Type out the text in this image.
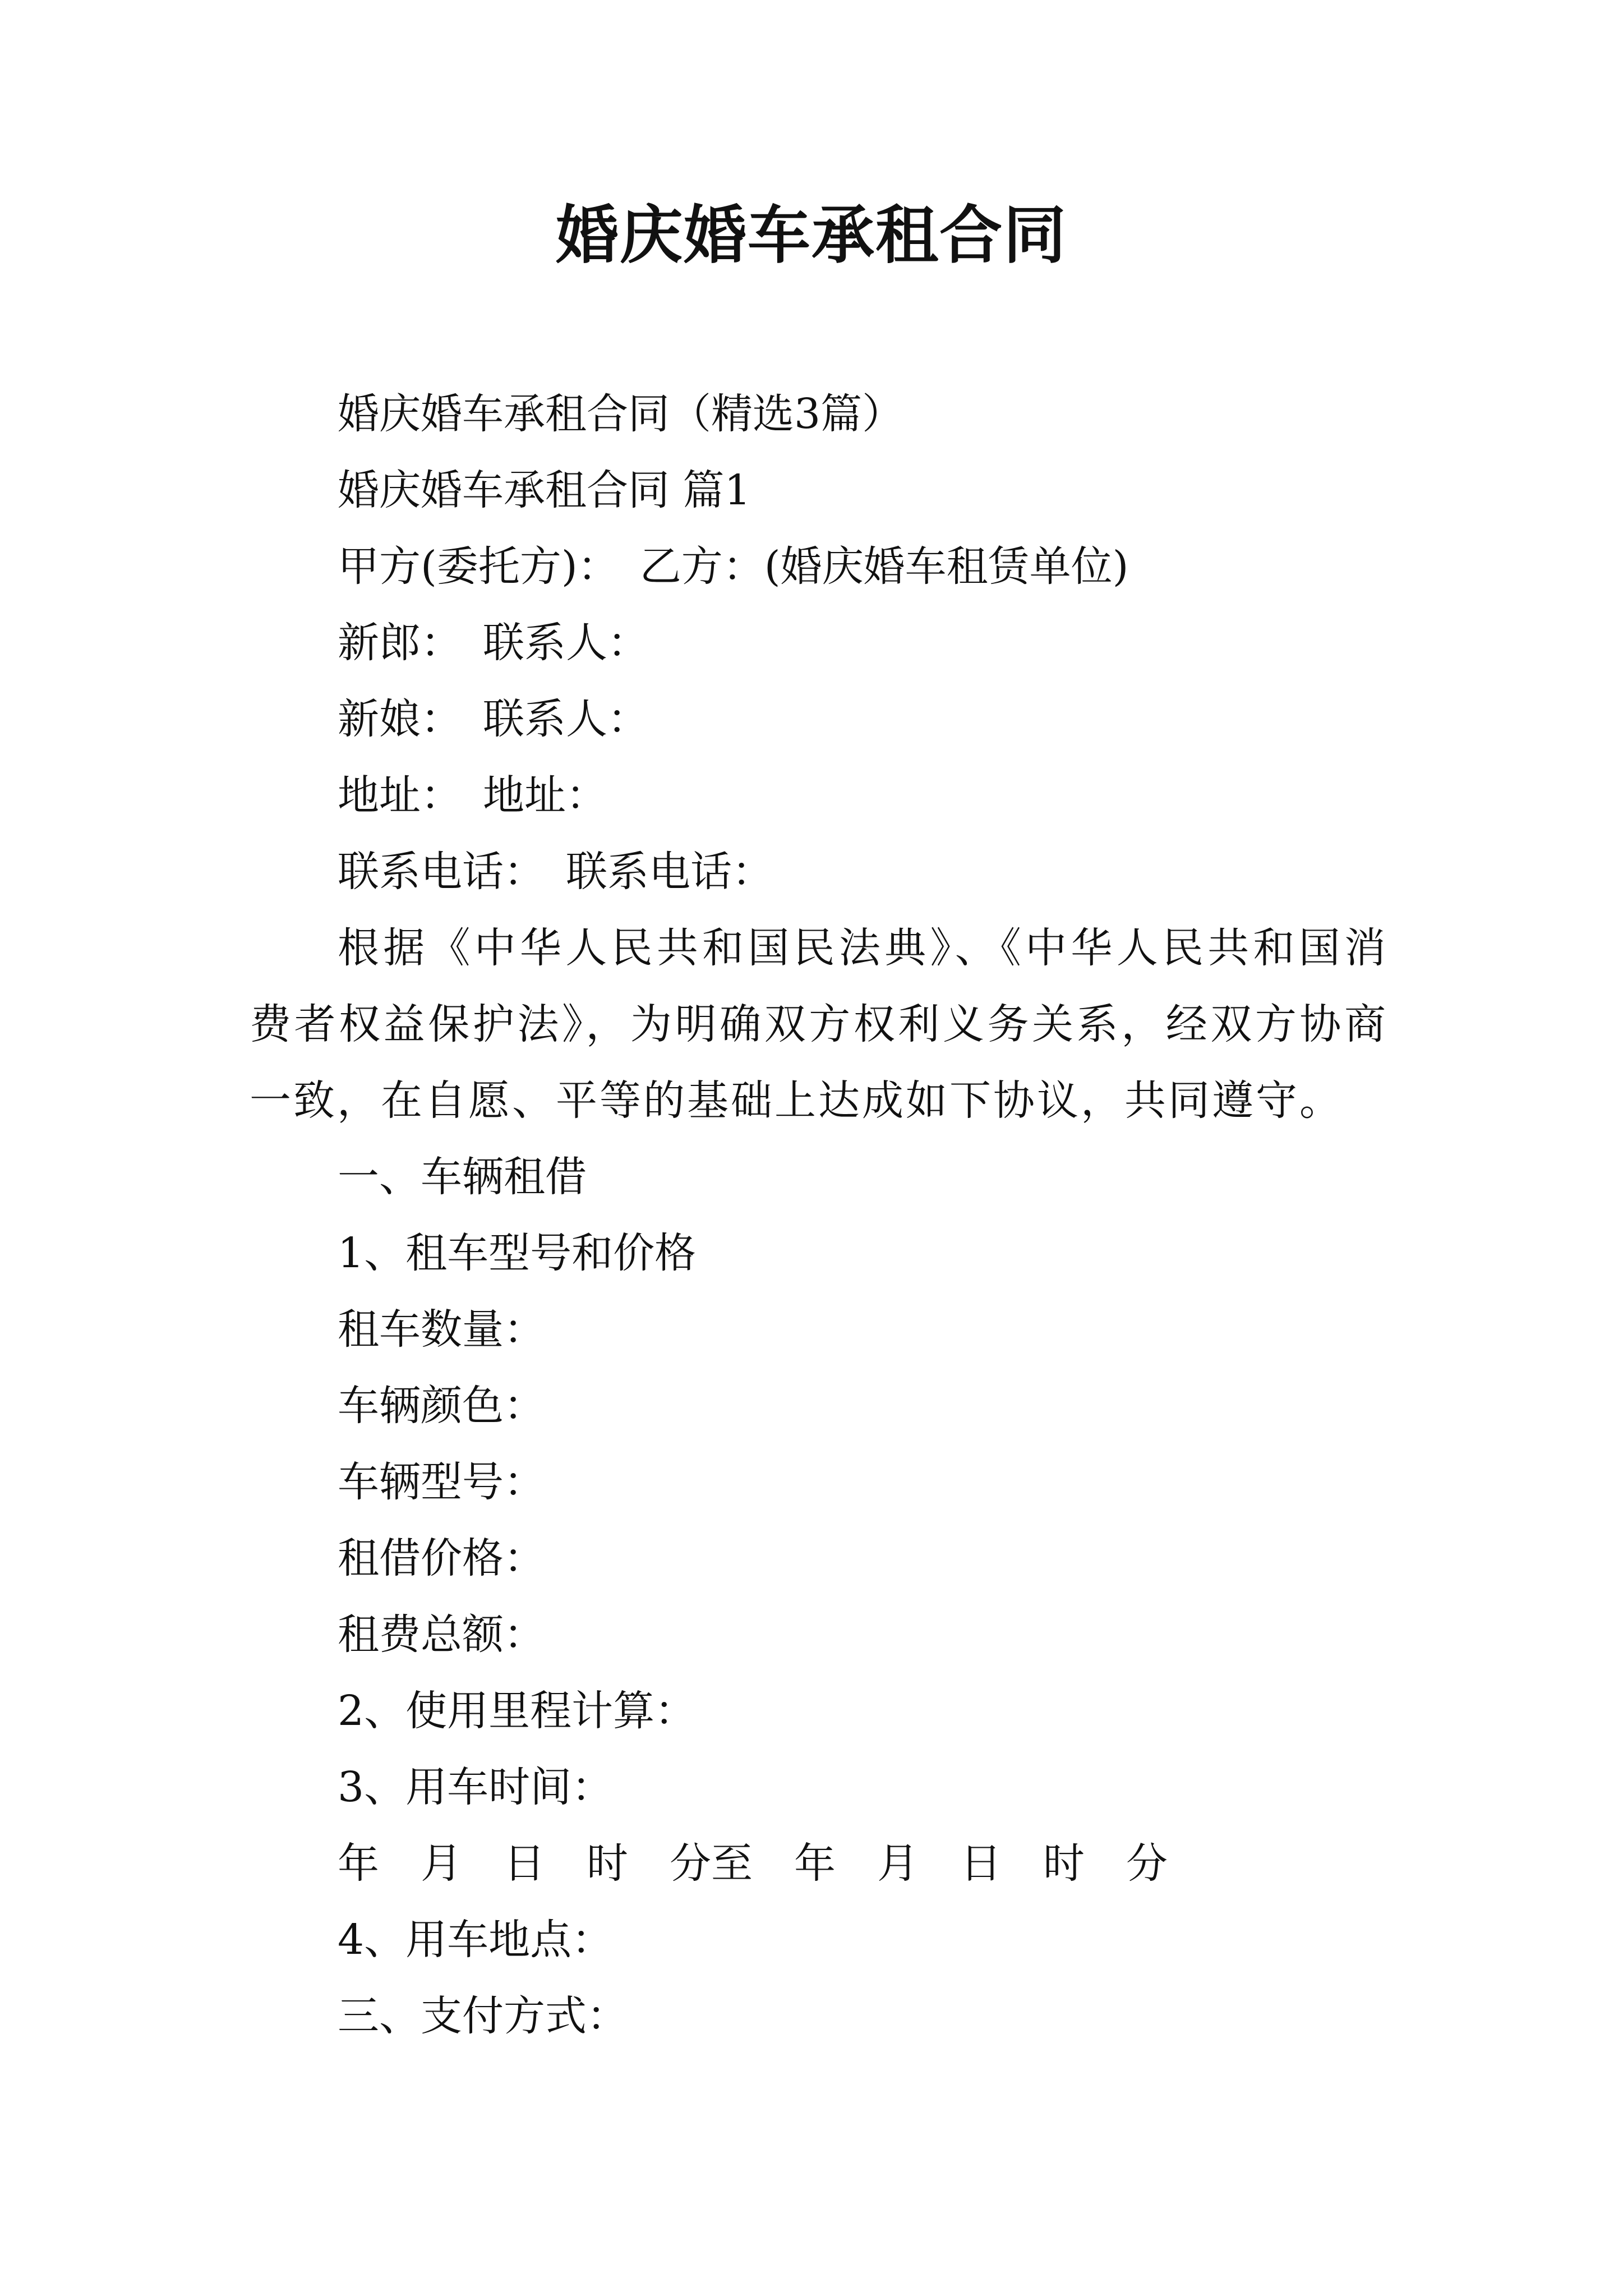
婚庆婚车承租合同

婚庆婚车承租合同（精选3篇）

婚庆婚车承租合同 篇1

甲方(委托方)：　乙方：(婚庆婚车租赁单位)

新郎：　联系人：

新娘：　联系人：

地址：　地址：

联系电话：　联系电话：

根据《中华人民共和国民法典》、《中华人民共和国消费者权益保护法》，为明确双方权利义务关系，经双方协商一致，在自愿、平等的基础上达成如下协议，共同遵守。

一、车辆租借

1、租车型号和价格

租车数量：

车辆颜色：

车辆型号：

租借价格：

租费总额：

2、使用里程计算：

3、用车时间：

年　月　日　时　分至　年　月　日　时　分

4、用车地点：

三、支付方式：
